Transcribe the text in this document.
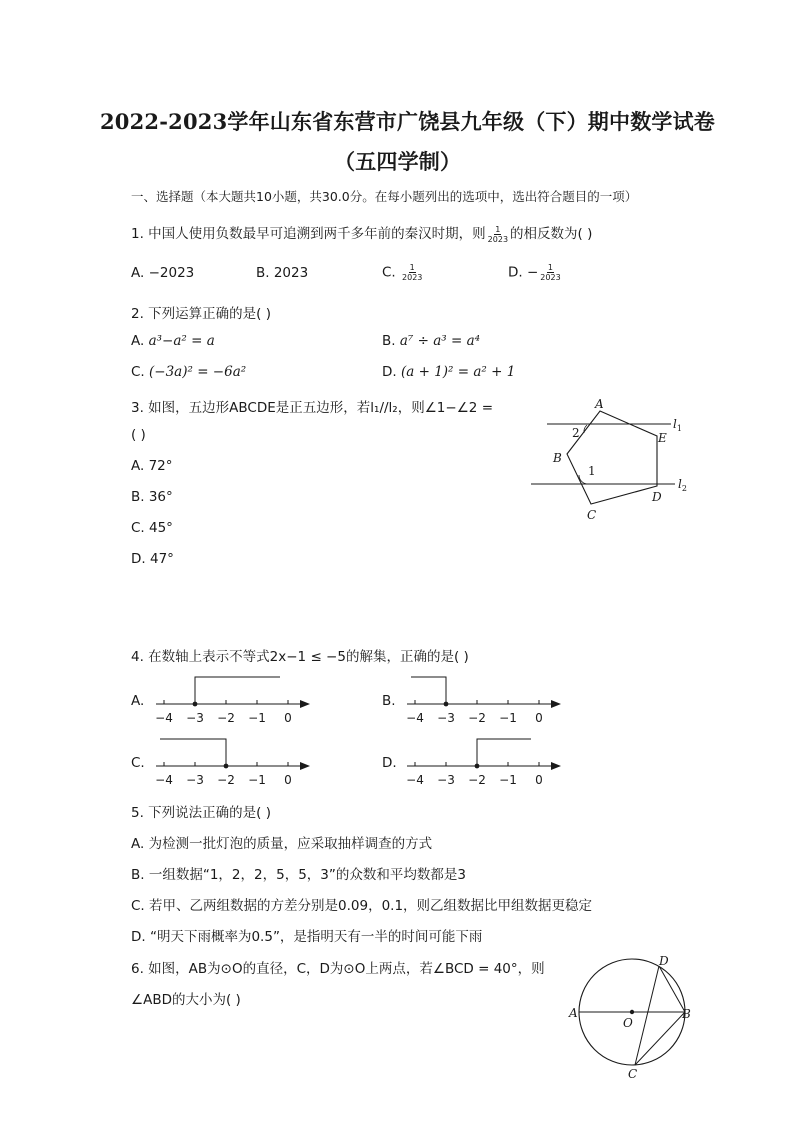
2022-2023学年山东省东营市广饶县九年级（下）期中数学试卷
（五四学制）
一、选择题（本大题共10小题，共30.0分。在每小题列出的选项中，选出符合题目的一项）
1. 中国人使用负数最早可追溯到两千多年前的秦汉时期，则 $\frac{1}{2023}$ 的相反数为( )
A. −2023	B. 2023	C. $\frac{1}{2023}$	D. − $\frac{1}{2023}$
2. 下列运算正确的是( )
A. a³−a² = a	B. a⁷ ÷ a³ = a⁴
C. (−3a)² = −6a²	D. (a + 1)² = a² + 1
3. 如图，五边形ABCDE是正五边形，若l₁//l₂，则∠1−∠2 =
( )
A. 72°
B. 36°
C. 45°
D. 47°
A
B
C
D
E
2
1
$l_1$
$l_2$
4. 在数轴上表示不等式2x−1 ≤ −5的解集，正确的是( )
A.	B.
C.	D.
−4 −3 −2 −1 0	−4 −3 −2 −1 0
−4 −3 −2 −1 0	−4 −3 −2 −1 0
5. 下列说法正确的是( )
A. 为检测一批灯泡的质量，应采取抽样调查的方式
B. 一组数据“1，2，2，5，5，3”的众数和平均数都是3
C. 若甲、乙两组数据的方差分别是0.09，0.1，则乙组数据比甲组数据更稳定
D. “明天下雨概率为0.5”，是指明天有一半的时间可能下雨
6. 如图，AB为⊙O的直径，C，D为⊙O上两点，若∠BCD = 40°，则
∠ABD的大小为( )
A	B
C
D
O
